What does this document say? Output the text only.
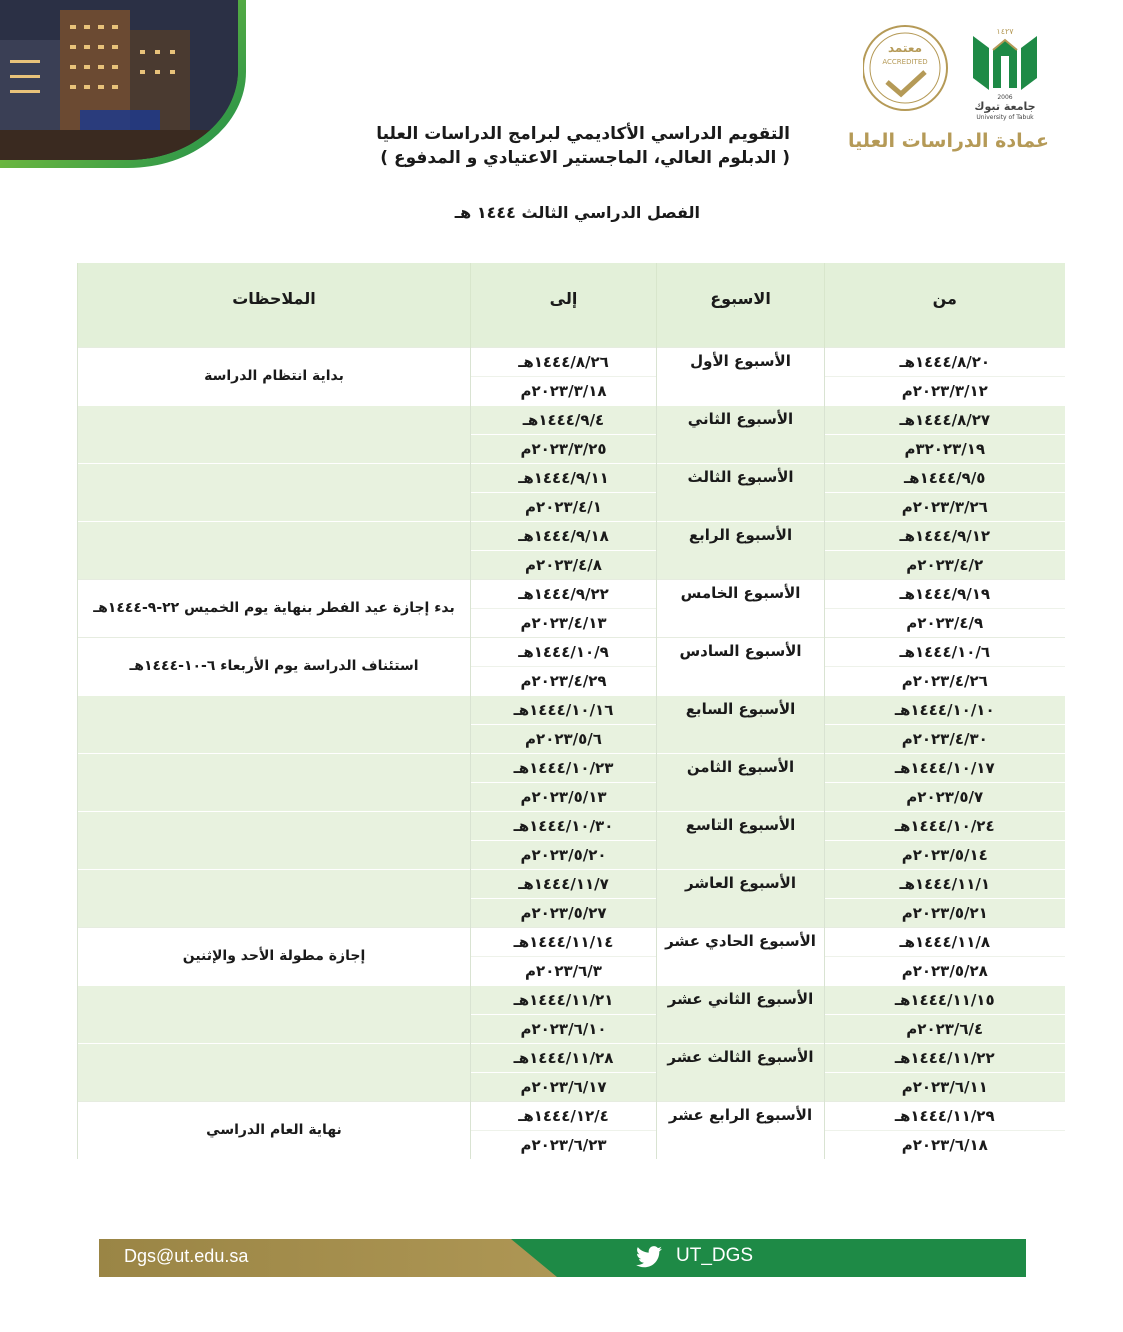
معتمد
ACCREDITED
١٤٢٧
2006
جامعة تبوك
University of Tabuk
عمادة الدراسات العليا
التقويم الدراسي الأكاديمي لبرامج الدراسات العليا
( الدبلوم العالي، الماجستير الاعتيادي و المدفوع )
الفصل الدراسي الثالث ١٤٤٤ هـ
من	الاسبوع	إلى	الملاحظات
١٤٤٤/٨/٢٠هـ	الأسبوع الأول	١٤٤٤/٨/٢٦هـ	بداية انتظام الدراسة
٢٠٢٣/٣/١٢م		٢٠٢٣/٣/١٨م	
١٤٤٤/٨/٢٧هـ	الأسبوع الثاني	١٤٤٤/٩/٤هـ	
٣٢٠٢٣/١٩م		٢٠٢٣/٣/٢٥م	
١٤٤٤/٩/٥هـ	الأسبوع الثالث	١٤٤٤/٩/١١هـ	
٢٠٢٣/٣/٢٦م		٢٠٢٣/٤/١م	
١٤٤٤/٩/١٢هـ	الأسبوع الرابع	١٤٤٤/٩/١٨هـ	
٢٠٢٣/٤/٢م		٢٠٢٣/٤/٨م	
١٤٤٤/٩/١٩هـ	الأسبوع الخامس	١٤٤٤/٩/٢٢هـ	بدء إجازة عيد الفطر بنهاية يوم الخميس ٢٢-٩-١٤٤٤هـ
٢٠٢٣/٤/٩م		٢٠٢٣/٤/١٣م	
١٤٤٤/١٠/٦هـ	الأسبوع السادس	١٤٤٤/١٠/٩هـ	استئناف الدراسة يوم الأربعاء ٦-١٠-١٤٤٤هـ
٢٠٢٣/٤/٢٦م		٢٠٢٣/٤/٢٩م	
١٤٤٤/١٠/١٠هـ	الأسبوع السابع	١٤٤٤/١٠/١٦هـ	
٢٠٢٣/٤/٣٠م		٢٠٢٣/٥/٦م	
١٤٤٤/١٠/١٧هـ	الأسبوع الثامن	١٤٤٤/١٠/٢٣هـ	
٢٠٢٣/٥/٧م		٢٠٢٣/٥/١٣م	
١٤٤٤/١٠/٢٤هـ	الأسبوع التاسع	١٤٤٤/١٠/٣٠هـ	
٢٠٢٣/٥/١٤م		٢٠٢٣/٥/٢٠م	
١٤٤٤/١١/١هـ	الأسبوع العاشر	١٤٤٤/١١/٧هـ	
٢٠٢٣/٥/٢١م		٢٠٢٣/٥/٢٧م	
١٤٤٤/١١/٨هـ	الأسبوع الحادي عشر	١٤٤٤/١١/١٤هـ	إجازة مطولة الأحد والإثنين
٢٠٢٣/٥/٢٨م		٢٠٢٣/٦/٣م	
١٤٤٤/١١/١٥هـ	الأسبوع الثاني عشر	١٤٤٤/١١/٢١هـ	
٢٠٢٣/٦/٤م		٢٠٢٣/٦/١٠م	
١٤٤٤/١١/٢٢هـ	الأسبوع الثالث عشر	١٤٤٤/١١/٢٨هـ	
٢٠٢٣/٦/١١م		٢٠٢٣/٦/١٧م	
١٤٤٤/١١/٢٩هـ	الأسبوع الرابع عشر	١٤٤٤/١٢/٤هـ	نهاية العام الدراسي
٢٠٢٣/٦/١٨م		٢٠٢٣/٦/٢٣م	
Dgs@ut.edu.sa	UT_DGS
